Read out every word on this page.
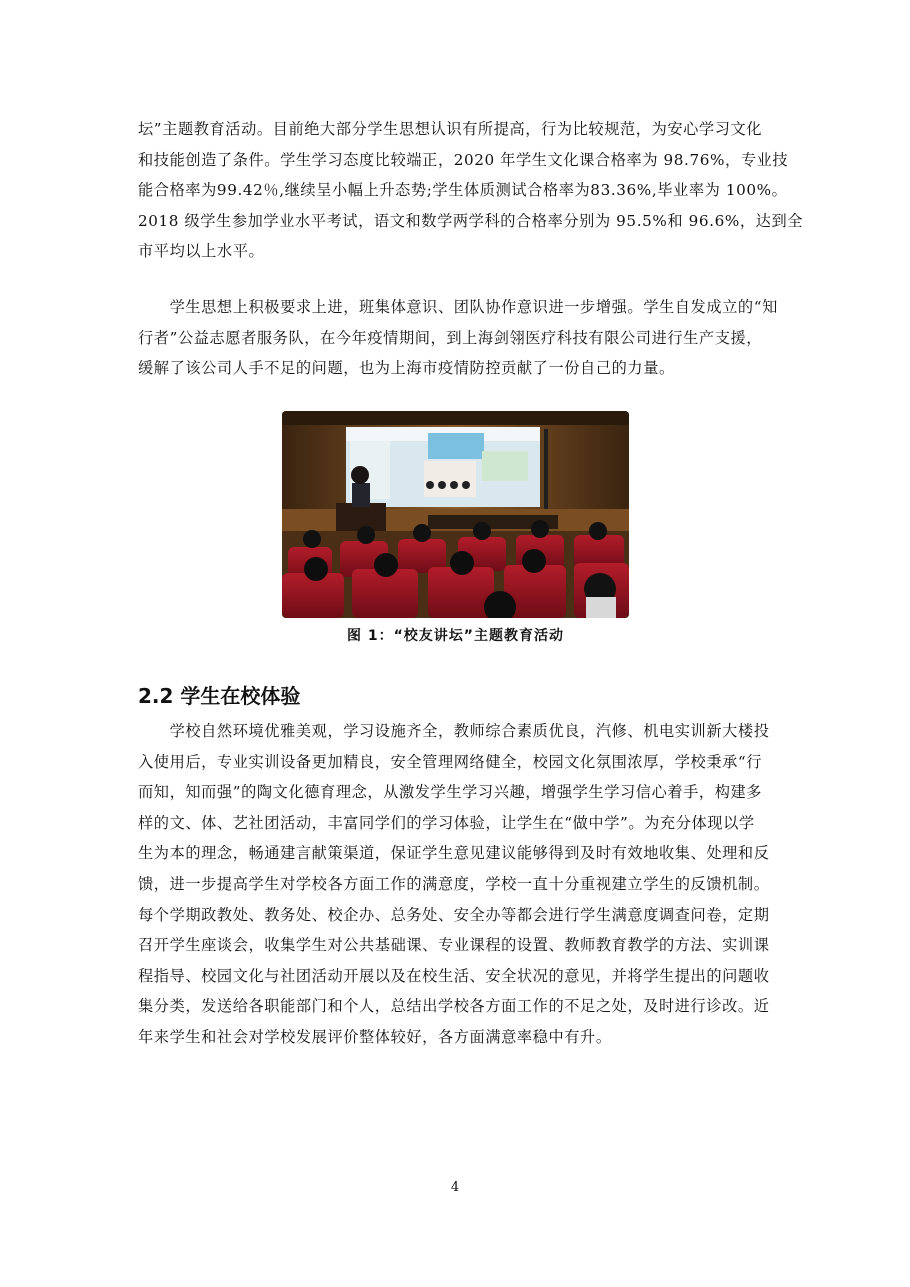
坛”主题教育活动。目前绝大部分学生思想认识有所提高，行为比较规范，为安心学习文化
和技能创造了条件。学生学习态度比较端正，2020 年学生文化课合格率为 98.76%，专业技
能合格率为99.42％,继续呈小幅上升态势;学生体质测试合格率为83.36%,毕业率为 100%。
2018 级学生参加学业水平考试，语文和数学两学科的合格率分别为 95.5%和 96.6%，达到全
市平均以上水平。

　　学生思想上积极要求上进，班集体意识、团队协作意识进一步增强。学生自发成立的“知
行者”公益志愿者服务队，在今年疫情期间，到上海剑翎医疗科技有限公司进行生产支援，
缓解了该公司人手不足的问题，也为上海市疫情防控贡献了一份自己的力量。

图 1：“校友讲坛”主题教育活动
2.2 学生在校体验

　　学校自然环境优雅美观，学习设施齐全，教师综合素质优良，汽修、机电实训新大楼投
入使用后，专业实训设备更加精良，安全管理网络健全，校园文化氛围浓厚，学校秉承“行
而知，知而强”的陶文化德育理念，从激发学生学习兴趣，增强学生学习信心着手，构建多
样的文、体、艺社团活动，丰富同学们的学习体验，让学生在“做中学”。为充分体现以学
生为本的理念，畅通建言献策渠道，保证学生意见建议能够得到及时有效地收集、处理和反
馈，进一步提高学生对学校各方面工作的满意度，学校一直十分重视建立学生的反馈机制。
每个学期政教处、教务处、校企办、总务处、安全办等都会进行学生满意度调查问卷，定期
召开学生座谈会，收集学生对公共基础课、专业课程的设置、教师教育教学的方法、实训课
程指导、校园文化与社团活动开展以及在校生活、安全状况的意见，并将学生提出的问题收
集分类，发送给各职能部门和个人，总结出学校各方面工作的不足之处，及时进行诊改。近
年来学生和社会对学校发展评价整体较好，各方面满意率稳中有升。

4
